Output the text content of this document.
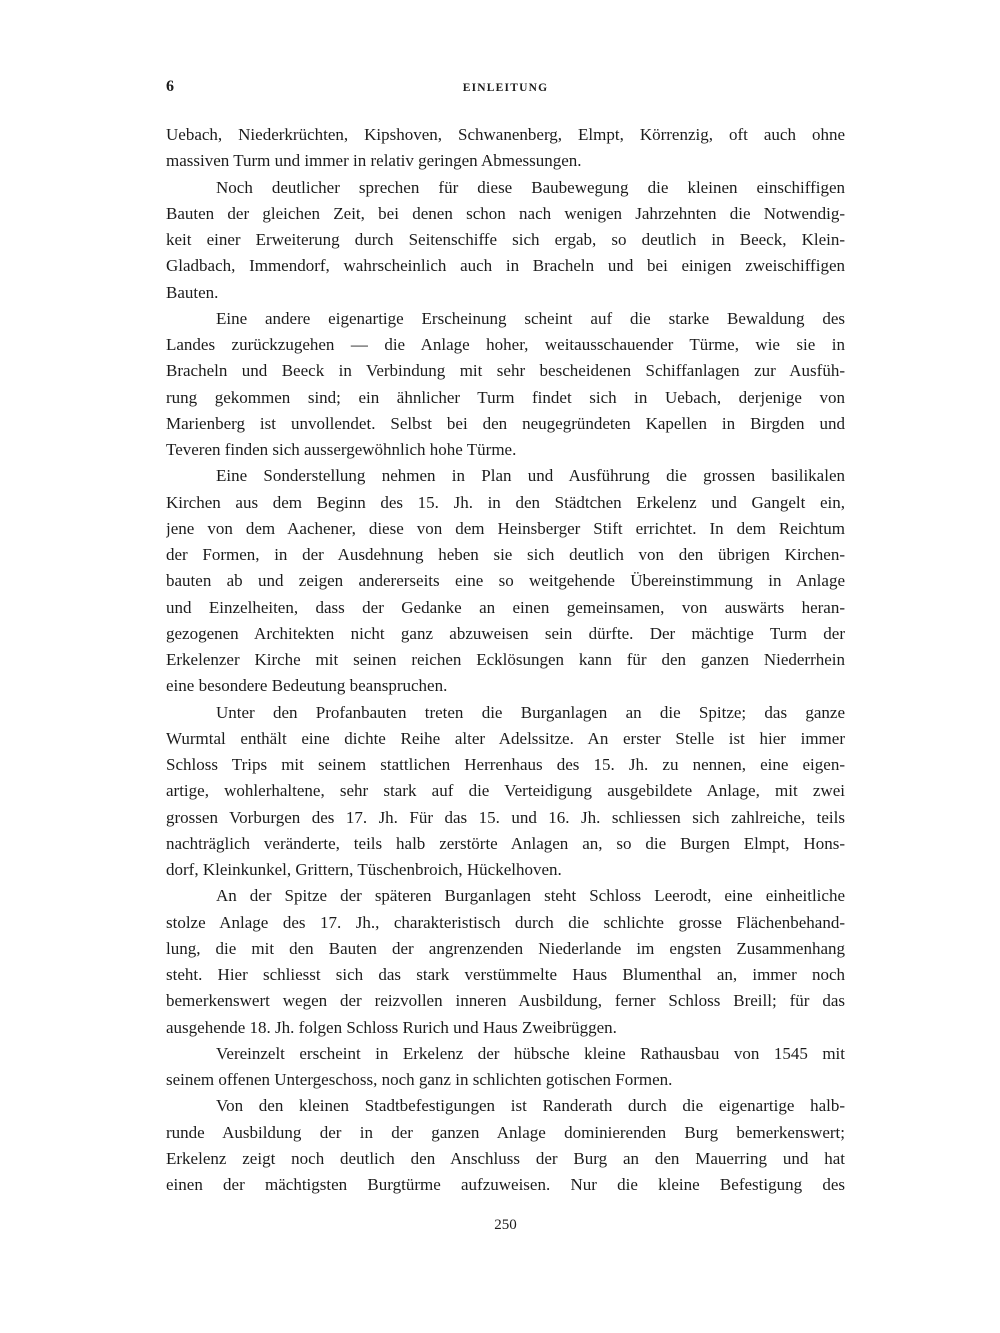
6	EINLEITUNG
Uebach, Niederkrüchten, Kipshoven, Schwanenberg, Elmpt, Körrenzig, oft auch ohne
massiven Turm und immer in relativ geringen Abmessungen.
Noch deutlicher sprechen für diese Baubewegung die kleinen einschiffigen
Bauten der gleichen Zeit, bei denen schon nach wenigen Jahrzehnten die Notwendig-
keit einer Erweiterung durch Seitenschiffe sich ergab, so deutlich in Beeck, Klein-
Gladbach, Immendorf, wahrscheinlich auch in Bracheln und bei einigen zweischiffigen
Bauten.
Eine andere eigenartige Erscheinung scheint auf die starke Bewaldung des
Landes zurückzugehen — die Anlage hoher, weitausschauender Türme, wie sie in
Bracheln und Beeck in Verbindung mit sehr bescheidenen Schiffanlagen zur Ausfüh-
rung gekommen sind; ein ähnlicher Turm findet sich in Uebach, derjenige von
Marienberg ist unvollendet. Selbst bei den neugegründeten Kapellen in Birgden und
Teveren finden sich aussergewöhnlich hohe Türme.
Eine Sonderstellung nehmen in Plan und Ausführung die grossen basilikalen
Kirchen aus dem Beginn des 15. Jh. in den Städtchen Erkelenz und Gangelt ein,
jene von dem Aachener, diese von dem Heinsberger Stift errichtet. In dem Reichtum
der Formen, in der Ausdehnung heben sie sich deutlich von den übrigen Kirchen-
bauten ab und zeigen andererseits eine so weitgehende Übereinstimmung in Anlage
und Einzelheiten, dass der Gedanke an einen gemeinsamen, von auswärts heran-
gezogenen Architekten nicht ganz abzuweisen sein dürfte. Der mächtige Turm der
Erkelenzer Kirche mit seinen reichen Ecklösungen kann für den ganzen Niederrhein
eine besondere Bedeutung beanspruchen.
Unter den Profanbauten treten die Burganlagen an die Spitze; das ganze
Wurmtal enthält eine dichte Reihe alter Adelssitze. An erster Stelle ist hier immer
Schloss Trips mit seinem stattlichen Herrenhaus des 15. Jh. zu nennen, eine eigen-
artige, wohlerhaltene, sehr stark auf die Verteidigung ausgebildete Anlage, mit zwei
grossen Vorburgen des 17. Jh. Für das 15. und 16. Jh. schliessen sich zahlreiche, teils
nachträglich veränderte, teils halb zerstörte Anlagen an, so die Burgen Elmpt, Hons-
dorf, Kleinkunkel, Grittern, Tüschenbroich, Hückelhoven.
An der Spitze der späteren Burganlagen steht Schloss Leerodt, eine einheitliche
stolze Anlage des 17. Jh., charakteristisch durch die schlichte grosse Flächenbehand-
lung, die mit den Bauten der angrenzenden Niederlande im engsten Zusammenhang
steht. Hier schliesst sich das stark verstümmelte Haus Blumenthal an, immer noch
bemerkenswert wegen der reizvollen inneren Ausbildung, ferner Schloss Breill; für das
ausgehende 18. Jh. folgen Schloss Rurich und Haus Zweibrüggen.
Vereinzelt erscheint in Erkelenz der hübsche kleine Rathausbau von 1545 mit
seinem offenen Untergeschoss, noch ganz in schlichten gotischen Formen.
Von den kleinen Stadtbefestigungen ist Randerath durch die eigenartige halb-
runde Ausbildung der in der ganzen Anlage dominierenden Burg bemerkenswert;
Erkelenz zeigt noch deutlich den Anschluss der Burg an den Mauerring und hat
einen der mächtigsten Burgtürme aufzuweisen. Nur die kleine Befestigung des
250
